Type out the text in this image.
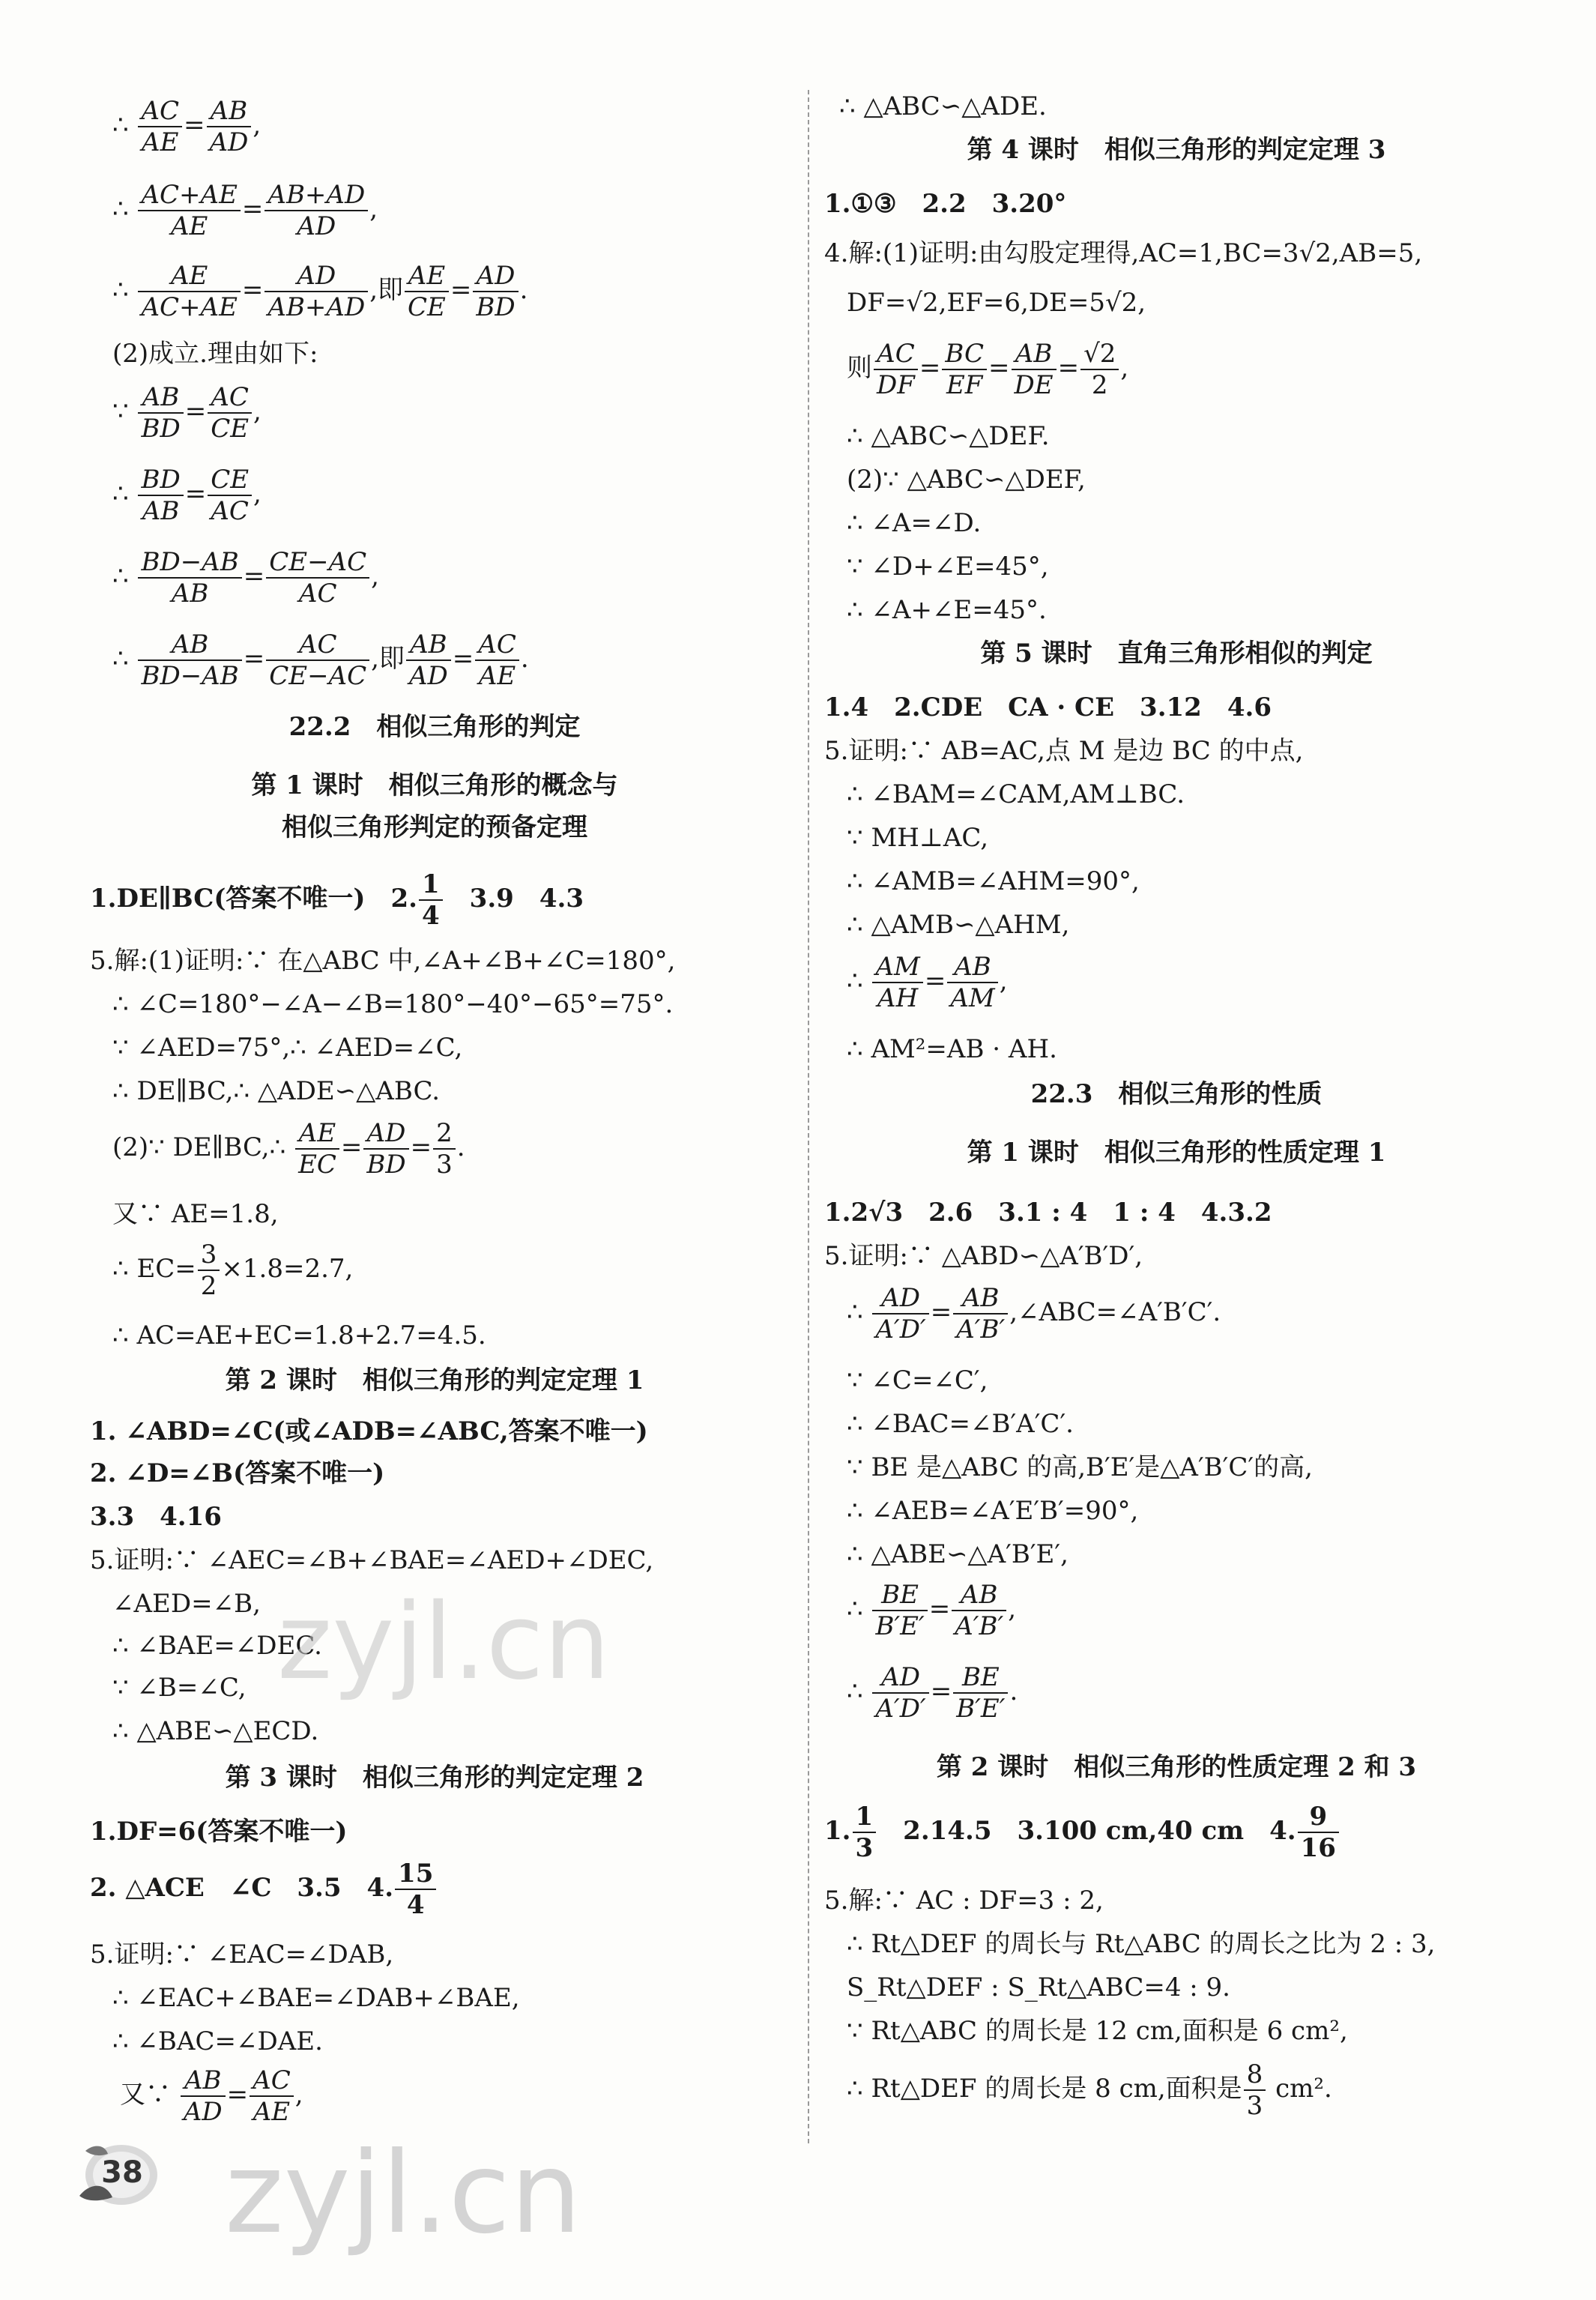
∴ $\frac{AC}{AE} = \frac{AB}{AD}$ ,
∴ $\frac{AC+AE}{AE} = \frac{AB+AD}{AD}$ ,
∴ $\frac{AE}{AC+AE} = \frac{AD}{AB+AD}$ ,即 $\frac{AE}{CE} = \frac{AD}{BD}$ .
(2)成立.理由如下:
∵ $\frac{AB}{BD} = \frac{AC}{CE}$ ,
∴ $\frac{BD}{AB} = \frac{CE}{AC}$ ,
∴ $\frac{BD-AB}{AB} = \frac{CE-AC}{AC}$ ,
∴ $\frac{AB}{BD-AB} = \frac{AC}{CE-AC}$ ,即 $\frac{AB}{AD} = \frac{AC}{AE}$ .
22.2　相似三角形的判定
第 1 课时　相似三角形的概念与
相似三角形判定的预备定理
1.DE∥BC(答案不唯一)　2. $\frac{1}{4}$ 　3.9　4.3
5.解:(1)证明:∵ 在△ABC 中,∠A+∠B+∠C=180°,
∴ ∠C=180°−∠A−∠B=180°−40°−65°=75°.
∵ ∠AED=75°,∴ ∠AED=∠C,
∴ DE∥BC,∴ △ADE∽△ABC.
(2)∵ DE∥BC,∴ $\frac{AE}{EC} = \frac{AD}{BD} = \frac{2}{3}$ .
又∵ AE=1.8,
∴ $EC= \frac{3}{2} \times 1.8=2.7$,
∴ AC=AE+EC=1.8+2.7=4.5.
第 2 课时　相似三角形的判定定理 1
1. ∠ABD=∠C(或∠ADB=∠ABC,答案不唯一)
2. ∠D=∠B(答案不唯一)
3.3　4.16
5.证明:∵ ∠AEC=∠B+∠BAE=∠AED+∠DEC,
∠AED=∠B,
∴ ∠BAE=∠DEC.
∵ ∠B=∠C,
∴ △ABE∽△ECD.
第 3 课时　相似三角形的判定定理 2
1.DF=6(答案不唯一)
2. △ACE　∠C　3.5　4. $\frac{15}{4}$
5.证明:∵ ∠EAC=∠DAB,
∴ ∠EAC+∠BAE=∠DAB+∠BAE,
∴ ∠BAC=∠DAE.
又∵ $\frac{AB}{AD} = \frac{AC}{AE}$ ,
∴ △ABC∽△ADE.
第 4 课时　相似三角形的判定定理 3
1.①③　2.2　3.20°
4.解:(1)证明:由勾股定理得,AC=1,BC=3√2,AB=5,
DF=√2,EF=6,DE=5√2,
则 $\frac{AC}{DF} = \frac{BC}{EF} = \frac{AB}{DE} = \frac{√2}{2}$ ,
∴ △ABC∽△DEF.
(2)∵ △ABC∽△DEF,
∴ ∠A=∠D.
∵ ∠D+∠E=45°,
∴ ∠A+∠E=45°.
第 5 课时　直角三角形相似的判定
1.4　2.CDE　CA · CE　3.12　4.6
5.证明:∵ AB=AC,点 M 是边 BC 的中点,
∴ ∠BAM=∠CAM,AM⊥BC.
∵ MH⊥AC,
∴ ∠AMB=∠AHM=90°,
∴ △AMB∽△AHM,
∴ $\frac{AM}{AH} = \frac{AB}{AM}$ ,
∴ AM²=AB · AH.
22.3　相似三角形的性质
第 1 课时　相似三角形的性质定理 1
1.2√3　2.6　3.1 : 4　1 : 4　4.3.2
5.证明:∵ △ABD∽△A′B′D′,
∴ $\frac{AD}{A'D'} = \frac{AB}{A'B'}$ ,∠ABC=∠A′B′C′.
∵ ∠C=∠C′,
∴ ∠BAC=∠B′A′C′.
∵ BE 是△ABC 的高,B′E′是△A′B′C′的高,
∴ ∠AEB=∠A′E′B′=90°,
∴ △ABE∽△A′B′E′,
∴ $\frac{BE}{B'E'} = \frac{AB}{A'B'}$ ,
∴ $\frac{AD}{A'D'} = \frac{BE}{B'E'}$ .
第 2 课时　相似三角形的性质定理 2 和 3
1. $\frac{1}{3}$ 　2.14.5　3.100 cm,40 cm　4. $\frac{9}{16}$
5.解:∵ AC : DF=3 : 2,
∴ Rt△DEF 的周长与 Rt△ABC 的周长之比为 2 : 3,
S_Rt△DEF : S_Rt△ABC=4 : 9.
∵ Rt△ABC 的周长是 12 cm,面积是 6 cm²,
∴ Rt△DEF 的周长是 8 cm,面积是 $\frac{8}{3} cm^2$.
zyjl.cn
zyjl.cn
38
